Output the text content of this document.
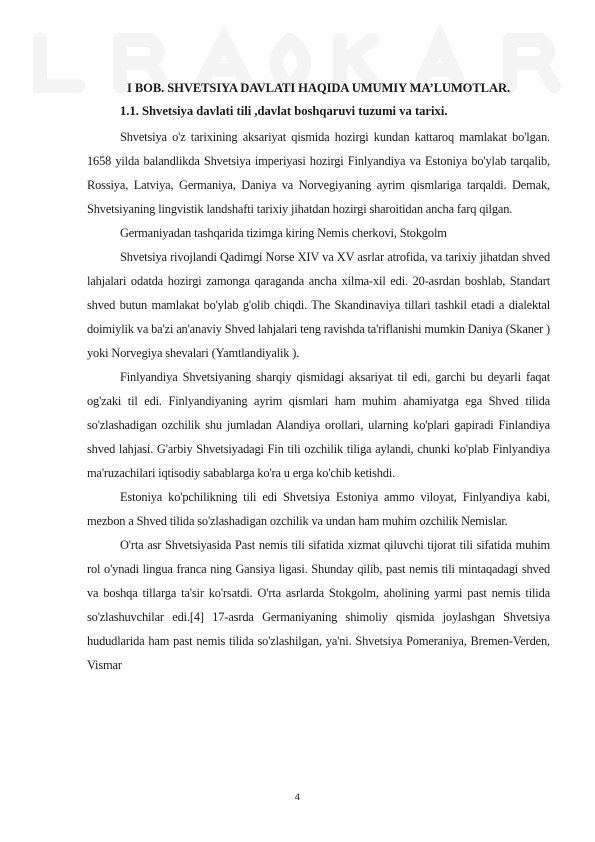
I BOB. SHVETSIYA DAVLATI HAQIDA UMUMIY MA’LUMOTLAR.

1.1. Shvetsiya davlati tili ,davlat boshqaruvi tuzumi va tarixi.

Shvetsiya o'z tarixining aksariyat qismida hozirgi kundan kattaroq mamlakat bo'lgan. 1658 yilda balandlikda Shvetsiya imperiyasi hozirgi Finlyandiya va Estoniya bo'ylab tarqalib, Rossiya, Latviya, Germaniya, Daniya va Norvegiyaning ayrim qismlariga tarqaldi. Demak, Shvetsiyaning lingvistik landshafti tarixiy jihatdan hozirgi sharoitidan ancha farq qilgan.

Germaniyadan tashqarida tizimga kiring Nemis cherkovi, Stokgolm

Shvetsiya rivojlandi Qadimgi Norse XIV va XV asrlar atrofida, va tarixiy jihatdan shved lahjalari odatda hozirgi zamonga qaraganda ancha xilma-xil edi. 20-asrdan boshlab, Standart shved butun mamlakat bo'ylab g'olib chiqdi. The Skandinaviya tillari tashkil etadi a dialektal doimiylik va ba'zi an'anaviy Shved lahjalari teng ravishda ta'riflanishi mumkin Daniya (Skaner ) yoki Norvegiya shevalari (Yamtlandiyalik ).

Finlyandiya Shvetsiyaning sharqiy qismidagi aksariyat til edi, garchi bu deyarli faqat og'zaki til edi. Finlyandiyaning ayrim qismlari ham muhim ahamiyatga ega Shved tilida so'zlashadigan ozchilik shu jumladan Alandiya orollari, ularning ko'plari gapiradi Finlandiya shved lahjasi. G'arbiy Shvetsiyadagi Fin tili ozchilik tiliga aylandi, chunki ko'plab Finlyandiya ma'ruzachilari iqtisodiy sabablarga ko'ra u erga ko'chib ketishdi.

Estoniya ko'pchilikning tili edi Shvetsiya Estoniya ammo viloyat, Finlyandiya kabi, mezbon a Shved tilida so'zlashadigan ozchilik va undan ham muhim ozchilik Nemislar.

O'rta asr Shvetsiyasida Past nemis tili sifatida xizmat qiluvchi tijorat tili sifatida muhim rol o'ynadi lingua franca ning Gansiya ligasi. Shunday qilib, past nemis tili mintaqadagi shved va boshqa tillarga ta'sir ko'rsatdi. O'rta asrlarda Stokgolm, aholining yarmi past nemis tilida so'zlashuvchilar edi.[4] 17-asrda Germaniyaning shimoliy qismida joylashgan Shvetsiya hududlarida ham past nemis tilida so'zlashilgan, ya'ni. Shvetsiya Pomeraniya, Bremen-Verden, Vismar

4
